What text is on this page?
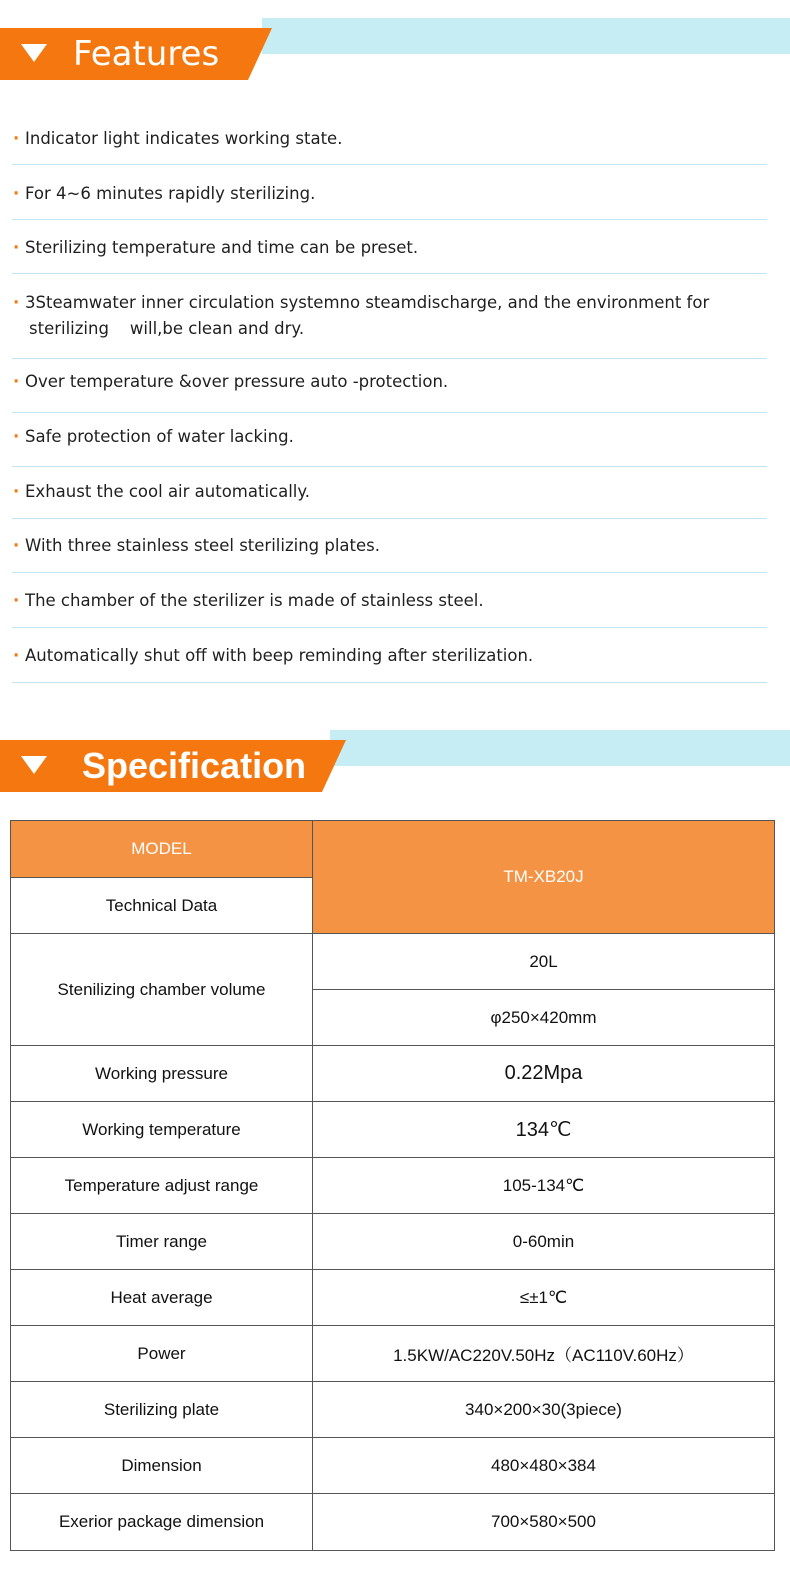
Features
· Indicator light indicates working state.
· For 4~6 minutes rapidly sterilizing.
· Sterilizing temperature and time can be preset.
· 3Steamwater inner circulation systemno steamdischarge, and the environment for
sterilizing    will,be clean and dry.
· Over temperature &over pressure auto -protection.
· Safe protection of water lacking.
· Exhaust the cool air automatically.
· With three stainless steel sterilizing plates.
· The chamber of the sterilizer is made of stainless steel.
· Automatically shut off with beep reminding after sterilization.
Specification
MODEL	TM-XB20J
Technical Data	
Stenilizing chamber volume	20L
	φ250×420mm
Working pressure	0.22Mpa
Working temperature	134℃
Temperature adjust range	105-134℃
Timer range	0-60min
Heat average	≤±1℃
Power	1.5KW/AC220V.50Hz（AC110V.60Hz）
Sterilizing plate	340×200×30(3piece)
Dimension	480×480×384
Exerior package dimension	700×580×500
